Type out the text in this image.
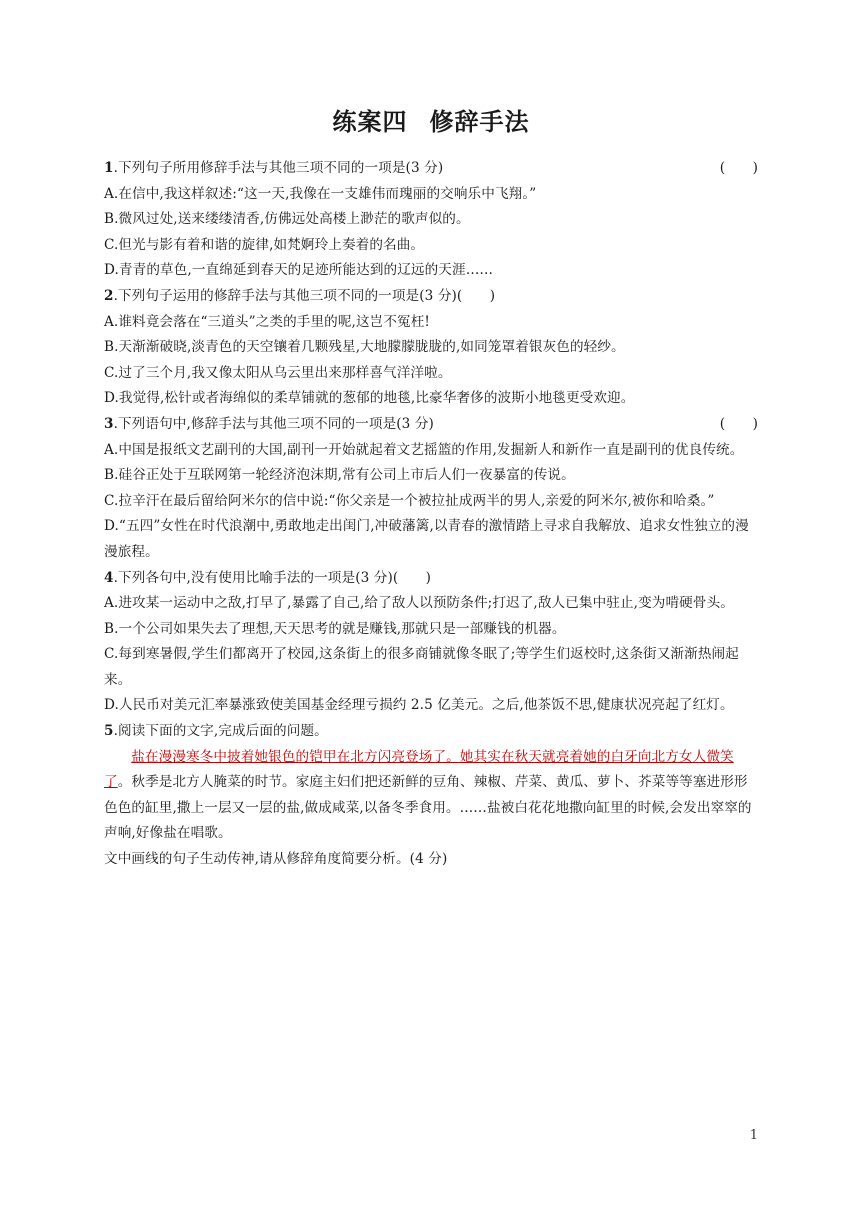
练案四 修辞手法
1.下列句子所用修辞手法与其他三项不同的一项是(3 分)	(　　)
A.在信中,我这样叙述:“这一天,我像在一支雄伟而瑰丽的交响乐中飞翔。”
B.微风过处,送来缕缕清香,仿佛远处高楼上渺茫的歌声似的。
C.但光与影有着和谐的旋律,如梵婀玲上奏着的名曲。
D.青青的草色,一直绵延到春天的足迹所能达到的辽远的天涯……
2.下列句子运用的修辞手法与其他三项不同的一项是(3 分)(　　)
A.谁料竟会落在“三道头”之类的手里的呢,这岂不冤枉!
B.天渐渐破晓,淡青色的天空镶着几颗残星,大地朦朦胧胧的,如同笼罩着银灰色的轻纱。
C.过了三个月,我又像太阳从乌云里出来那样喜气洋洋啦。
D.我觉得,松针或者海绵似的柔草铺就的葱郁的地毯,比豪华奢侈的波斯小地毯更受欢迎。
3.下列语句中,修辞手法与其他三项不同的一项是(3 分)	(　　)
A.中国是报纸文艺副刊的大国,副刊一开始就起着文艺摇篮的作用,发掘新人和新作一直是副刊的优良传统。
B.硅谷正处于互联网第一轮经济泡沫期,常有公司上市后人们一夜暴富的传说。
C.拉辛汗在最后留给阿米尔的信中说:“你父亲是一个被拉扯成两半的男人,亲爱的阿米尔,被你和哈桑。”
D.“五四”女性在时代浪潮中,勇敢地走出闺门,冲破藩篱,以青春的激情踏上寻求自我解放、追求女性独立的漫漫旅程。
4.下列各句中,没有使用比喻手法的一项是(3 分)(　　)
A.进攻某一运动中之敌,打早了,暴露了自己,给了敌人以预防条件;打迟了,敌人已集中驻止,变为啃硬骨头。
B.一个公司如果失去了理想,天天思考的就是赚钱,那就只是一部赚钱的机器。
C.每到寒暑假,学生们都离开了校园,这条街上的很多商铺就像冬眠了;等学生们返校时,这条街又渐渐热闹起来。
D.人民币对美元汇率暴涨致使美国基金经理亏损约 2.5 亿美元。之后,他茶饭不思,健康状况亮起了红灯。
5.阅读下面的文字,完成后面的问题。

盐在漫漫寒冬中披着她银色的铠甲在北方闪亮登场了。她其实在秋天就亮着她的白牙向北方女人微笑了。秋季是北方人腌菜的时节。家庭主妇们把还新鲜的豆角、辣椒、芹菜、黄瓜、萝卜、芥菜等等塞进形形色色的缸里,撒上一层又一层的盐,做成咸菜,以备冬季食用。……盐被白花花地撒向缸里的时候,会发出窣窣的声响,好像盐在唱歌。

文中画线的句子生动传神,请从修辞角度简要分析。(4 分)
1
